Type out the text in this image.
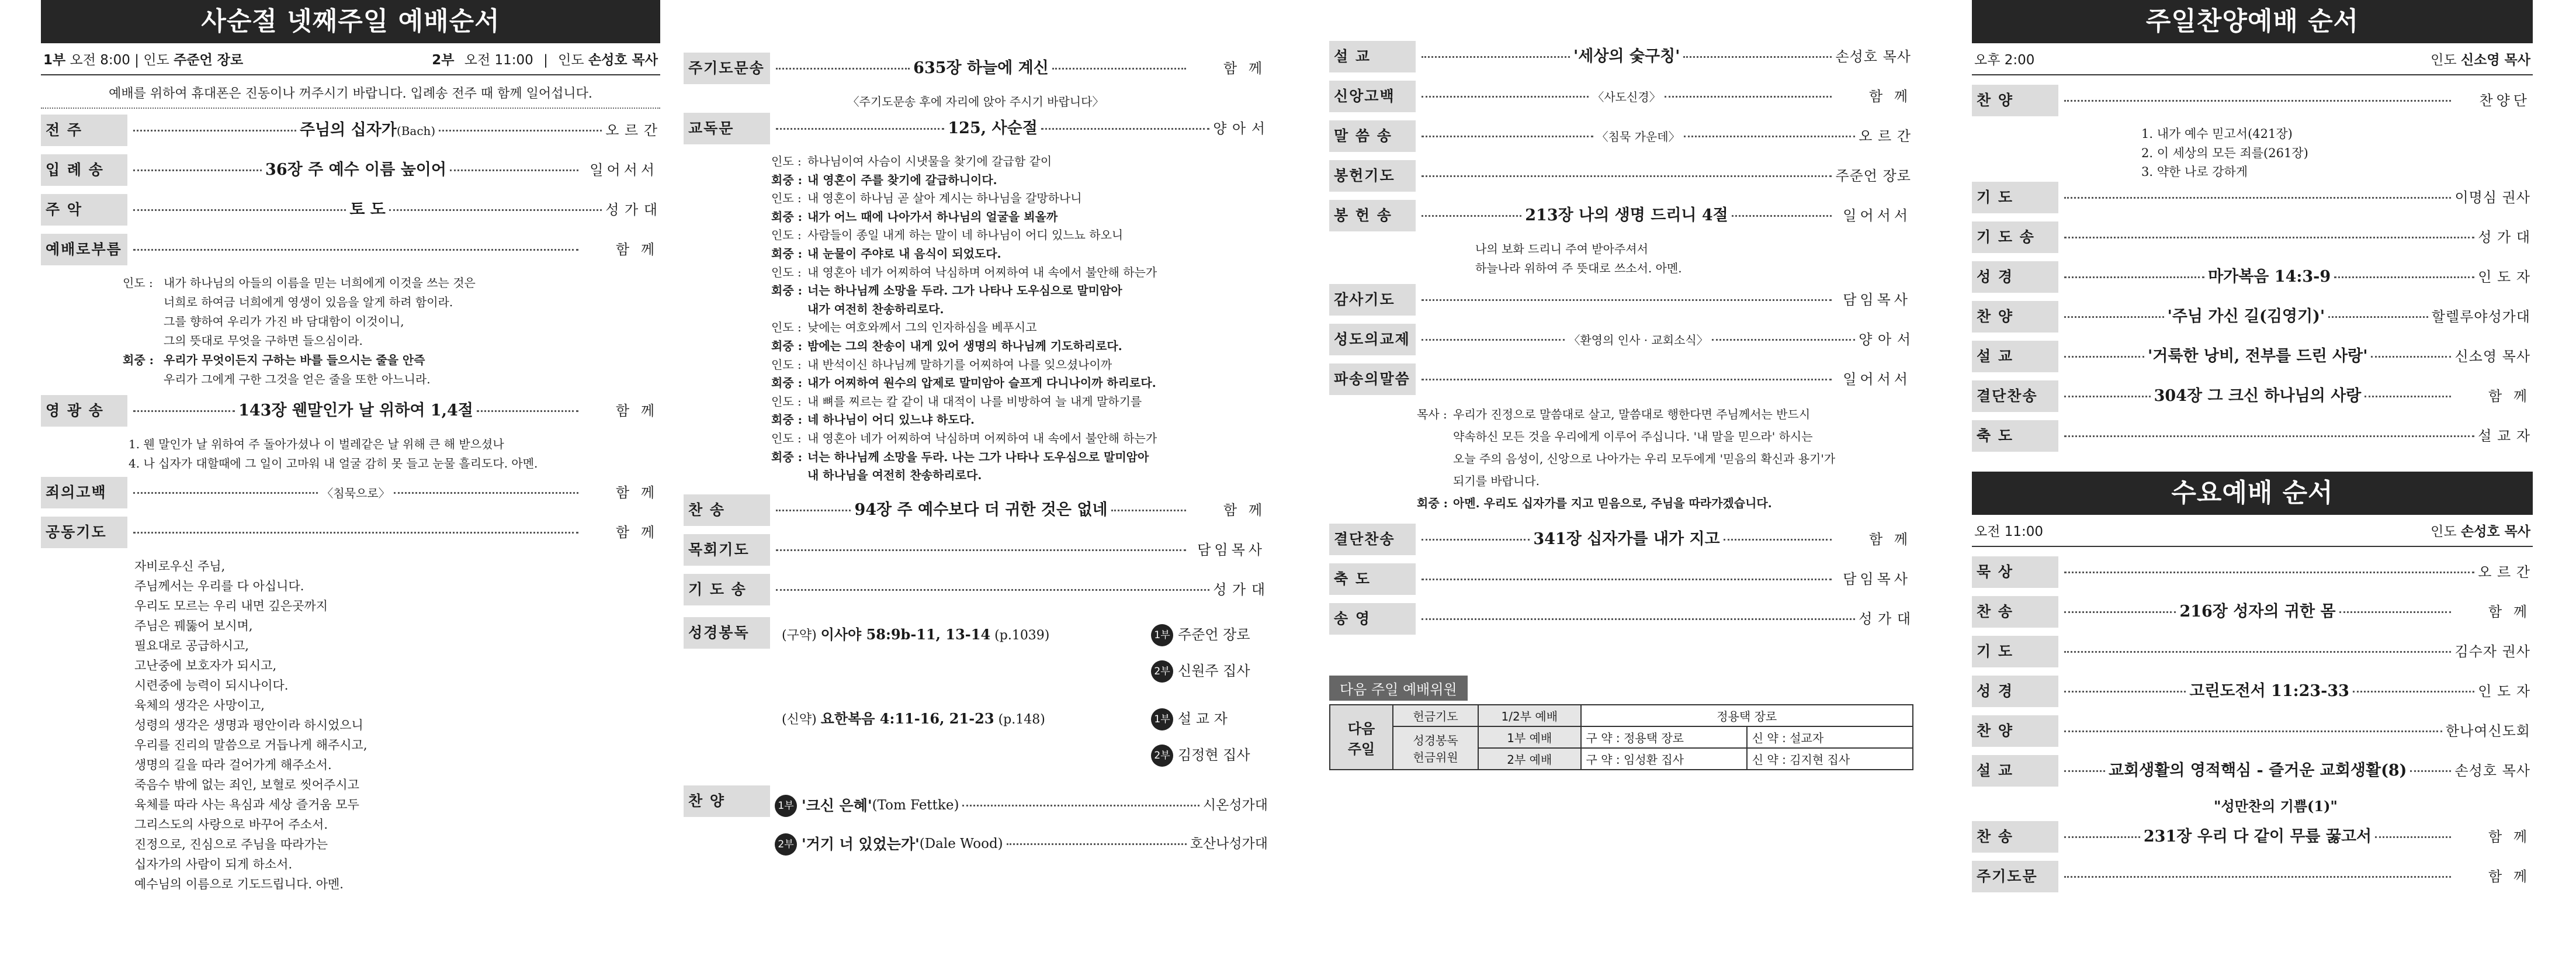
사순절 넷째주일 예배순서
1부 오전 8:00 | 인도 주준언 장로	2부 오전 11:00 | 인도 손성호 목사
예배를 위하여 휴대폰은 진동이나 꺼주시기 바랍니다. 입례송 전주 때 함께 일어섭니다.
전 주	주님의 십자가 (Bach)	오 르 간
입 례 송	36장 주 예수 이름 높이어	일어서서
주 악	토 도	성 가 대
예배로부름	함 께
인도 : 내가 하나님의 아들의 이름을 믿는 너희에게 이것을 쓰는 것은
너희로 하여금 너희에게 영생이 있음을 알게 하려 함이라.
그를 향하여 우리가 가진 바 담대함이 이것이니,
그의 뜻대로 무엇을 구하면 들으심이라.
회중 : 우리가 무엇이든지 구하는 바를 들으시는 줄을 안즉
우리가 그에게 구한 그것을 얻은 줄을 또한 아느니라.
영 광 송	143장 웬말인가 날 위하여 1,4절	함 께
1. 웬 말인가 날 위하여 주 돌아가셨나 이 벌레같은 날 위해 큰 해 받으셨나
4. 나 십자가 대할때에 그 일이 고마워 내 얼굴 감히 못 들고 눈물 흘리도다. 아멘.
죄의고백	〈침묵으로〉	함 께
공동기도	함 께
자비로우신 주님,
주님께서는 우리를 다 아십니다.
우리도 모르는 우리 내면 깊은곳까지
주님은 꿰뚫어 보시며,
필요대로 공급하시고,
고난중에 보호자가 되시고,
시련중에 능력이 되시나이다.
육체의 생각은 사망이고,
성령의 생각은 생명과 평안이라 하시었으니
우리를 진리의 말씀으로 거듭나게 해주시고,
생명의 길을 따라 걸어가게 해주소서.
죽음수 밖에 없는 죄인, 보혈로 씻어주시고
육체를 따라 사는 욕심과 세상 즐거움 모두
그리스도의 사랑으로 바꾸어 주소서.
진정으로, 진심으로 주님을 따라가는
십자가의 사람이 되게 하소서.
예수님의 이름으로 기도드립니다. 아멘.
주기도문송	635장 하늘에 계신	함 께
〈주기도문송 후에 자리에 앉아 주시기 바랍니다〉
교독문	125, 사순절	양 아 서
인도 : 하나님이여 사슴이 시냇물을 찾기에 갈급함 같이
회중 : 내 영혼이 주를 찾기에 갈급하니이다.
인도 : 내 영혼이 하나님 곧 살아 계시는 하나님을 갈망하나니
회중 : 내가 어느 때에 나아가서 하나님의 얼굴을 뵈올까
인도 : 사람들이 종일 내게 하는 말이 네 하나님이 어디 있느뇨 하오니
회중 : 내 눈물이 주야로 내 음식이 되었도다.
인도 : 내 영혼아 네가 어찌하여 낙심하며 어찌하여 내 속에서 불안해 하는가
회중 : 너는 하나님께 소망을 두라. 그가 나타나 도우심으로 말미암아
내가 여전히 찬송하리로다.
인도 : 낮에는 여호와께서 그의 인자하심을 베푸시고
회중 : 밤에는 그의 찬송이 내게 있어 생명의 하나님께 기도하리로다.
인도 : 내 반석이신 하나님께 말하기를 어찌하여 나를 잊으셨나이까
회중 : 내가 어찌하여 원수의 압제로 말미암아 슬프게 다니나이까 하리로다.
인도 : 내 뼈를 찌르는 칼 같이 내 대적이 나를 비방하여 늘 내게 말하기를
회중 : 네 하나님이 어디 있느냐 하도다.
인도 : 내 영혼아 네가 어찌하여 낙심하며 어찌하여 내 속에서 불안해 하는가
회중 : 너는 하나님께 소망을 두라. 나는 그가 나타나 도우심으로 말미암아
내 하나님을 여전히 찬송하리로다.
찬 송	94장 주 예수보다 더 귀한 것은 없네	함 께
목회기도	담임목사
기 도 송	성 가 대
성경봉독	(구약) 이사야 58:9b-11, 13-14 (p.1039)	1부 주준언 장로
2부 신원주 집사
(신약) 요한복음 4:11-16, 21-23 (p.148)	1부 설 교 자
2부 김정현 집사
찬 양	1부 '크신 은혜' (Tom Fettke)	시온성가대
2부 '거기 너 있었는가' (Dale Wood)	호산나성가대
설 교	'세상의 숯구칭'	손성호 목사
신앙고백	〈사도신경〉	함 께
말 씀 송	〈침묵 가운데〉	오 르 간
봉헌기도	주준언 장로
봉 헌 송	213장 나의 생명 드리니 4절	일어서서
나의 보화 드리니 주여 받아주셔서
하늘나라 위하여 주 뜻대로 쓰소서. 아멘.
감사기도	담임목사
성도의교제	〈환영의 인사 · 교회소식〉	양 아 서
파송의말씀	일어서서
목사 : 우리가 진정으로 말씀대로 살고, 말씀대로 행한다면 주님께서는 반드시
약속하신 모든 것을 우리에게 이루어 주십니다. '내 말을 믿으라' 하시는
오늘 주의 음성이, 신앙으로 나아가는 우리 모두에게 '믿음의 확신과 용기'가
되기를 바랍니다.
회중 : 아멘. 우리도 십자가를 지고 믿음으로, 주님을 따라가겠습니다.
결단찬송	341장 십자가를 내가 지고	함 께
축 도	담임목사
송 영	성 가 대
다음 주일 예배위원
다음
주일	헌금기도	1/2부 예배	정용택 장로	

	성경봉독
헌금위원	1부 예배	구 약 : 정용택 장로	신 약 : 설교자
		2부 예배	구 약 : 임성환 집사	신 약 : 김지현 집사
주일찬양예배 순서
오후 2:00	인도 신소영 목사
찬 양	찬양단
1. 내가 예수 믿고서(421장)
2. 이 세상의 모든 죄를(261장)
3. 약한 나로 강하게
기 도	이명심 권사
기 도 송	성 가 대
성 경	마가복음 14:3-9	인 도 자
찬 양	'주님 가신 길(김영기)'	할렐루야성가대
설 교	'거룩한 낭비, 전부를 드린 사랑'	신소영 목사
결단찬송	304장 그 크신 하나님의 사랑	함 께
축 도	설 교 자
수요예배 순서
오전 11:00	인도 손성호 목사
묵 상	오 르 간
찬 송	216장 성자의 귀한 몸	함 께
기 도	김수자 권사
성 경	고린도전서 11:23-33	인 도 자
찬 양	한나여신도회
설 교	교회생활의 영적핵심 - 즐거운 교회생활(8)	손성호 목사
"성만찬의 기쁨(1)"
찬 송	231장 우리 다 같이 무릎 꿇고서	함 께
주기도문	함 께
